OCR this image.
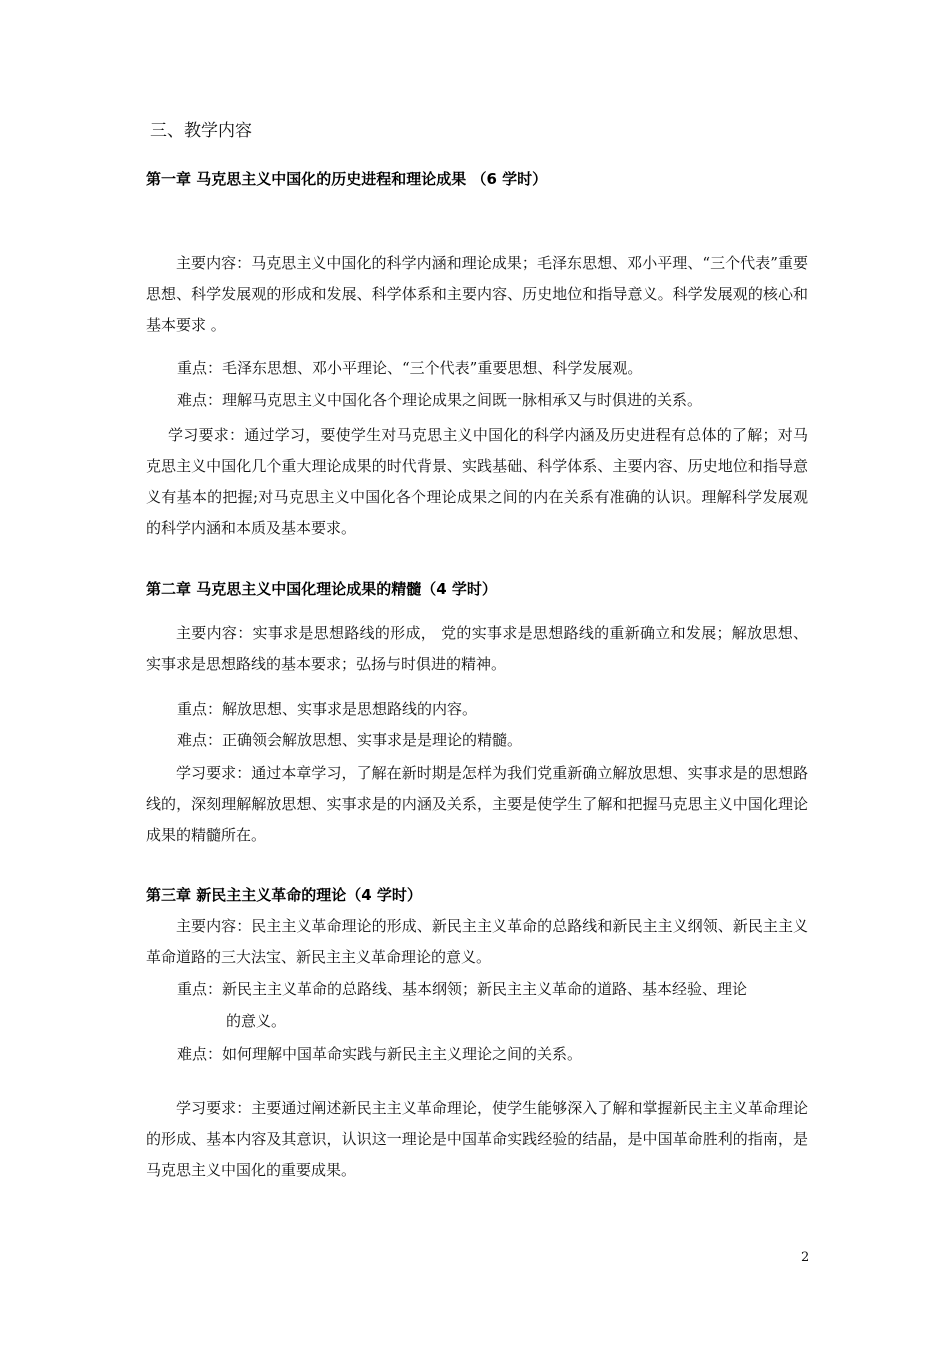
三、教学内容
第一章 马克思主义中国化的历史进程和理论成果 （6 学时）
主要内容：马克思主义中国化的科学内涵和理论成果；毛泽东思想、邓小平理、“三个代表”重要思想、科学发展观的形成和发展、科学体系和主要内容、历史地位和指导意义。科学发展观的核心和基本要求 。
重点：毛泽东思想、邓小平理论、“三个代表”重要思想、科学发展观。
难点：理解马克思主义中国化各个理论成果之间既一脉相承又与时俱进的关系。
学习要求：通过学习，要使学生对马克思主义中国化的科学内涵及历史进程有总体的了解；对马克思主义中国化几个重大理论成果的时代背景、实践基础、科学体系、主要内容、历史地位和指导意义有基本的把握;对马克思主义中国化各个理论成果之间的内在关系有准确的认识。理解科学发展观的科学内涵和本质及基本要求。
第二章 马克思主义中国化理论成果的精髓（4 学时）
主要内容：实事求是思想路线的形成， 党的实事求是思想路线的重新确立和发展；解放思想、实事求是思想路线的基本要求；弘扬与时俱进的精神。
重点：解放思想、实事求是思想路线的内容。
难点：正确领会解放思想、实事求是是理论的精髓。
学习要求：通过本章学习，了解在新时期是怎样为我们党重新确立解放思想、实事求是的思想路线的，深刻理解解放思想、实事求是的内涵及关系，主要是使学生了解和把握马克思主义中国化理论成果的精髓所在。
第三章 新民主主义革命的理论（4 学时）
主要内容：民主主义革命理论的形成、新民主主义革命的总路线和新民主主义纲领、新民主主义革命道路的三大法宝、新民主主义革命理论的意义。
重点：新民主主义革命的总路线、基本纲领；新民主主义革命的道路、基本经验、理论
的意义。
难点：如何理解中国革命实践与新民主主义理论之间的关系。
学习要求：主要通过阐述新民主主义革命理论，使学生能够深入了解和掌握新民主主义革命理论的形成、基本内容及其意识，认识这一理论是中国革命实践经验的结晶，是中国革命胜利的指南，是马克思主义中国化的重要成果。
2
